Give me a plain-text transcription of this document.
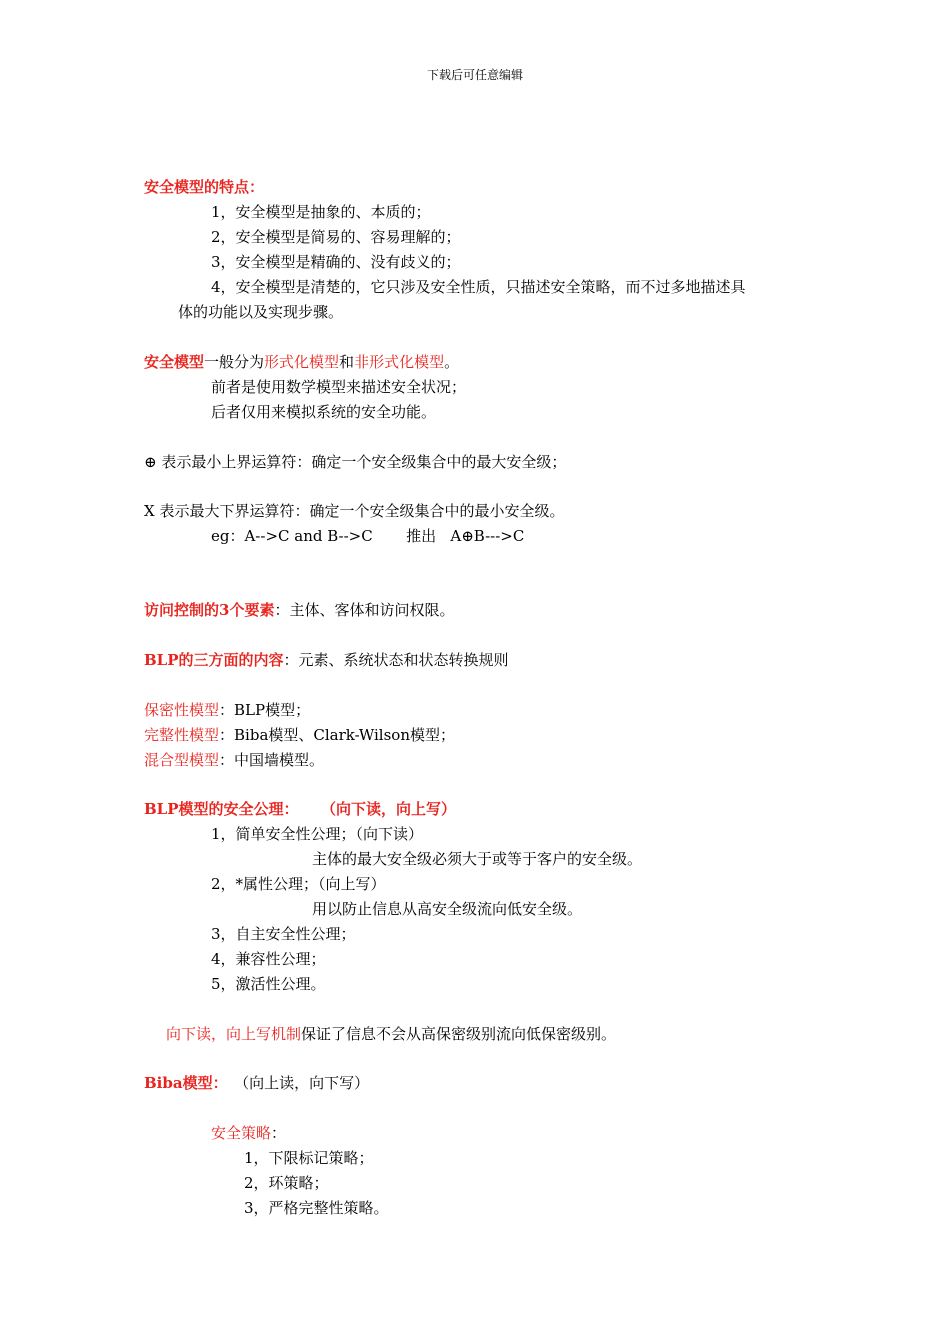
下载后可任意编辑
安全模型的特点：
1，安全模型是抽象的、本质的；
2，安全模型是简易的、容易理解的；
3，安全模型是精确的、没有歧义的；
4，安全模型是清楚的，它只涉及安全性质，只描述安全策略，而不过多地描述具
体的功能以及实现步骤。
安全模型一般分为形式化模型和非形式化模型。
前者是使用数学模型来描述安全状况；
后者仅用来模拟系统的安全功能。
⊕ 表示最小上界运算符：确定一个安全级集合中的最大安全级；
X 表示最大下界运算符：确定一个安全级集合中的最小安全级。
eg：A-->C and B-->C       推出   A⊕B--->C
访问控制的3个要素：主体、客体和访问权限。
BLP的三方面的内容：元素、系统状态和状态转换规则
保密性模型：BLP模型；
完整性模型：Biba模型、Clark-Wilson模型；
混合型模型：中国墙模型。
BLP模型的安全公理： （向下读，向上写）
1，简单安全性公理；（向下读）
主体的最大安全级必须大于或等于客户的安全级。
2，*属性公理；（向上写）
用以防止信息从高安全级流向低安全级。
3，自主安全性公理；
4，兼容性公理；
5，激活性公理。
向下读，向上写机制保证了信息不会从高保密级别流向低保密级别。
Biba模型： （向上读，向下写）
安全策略：
1，下限标记策略；
2，环策略；
3，严格完整性策略。
